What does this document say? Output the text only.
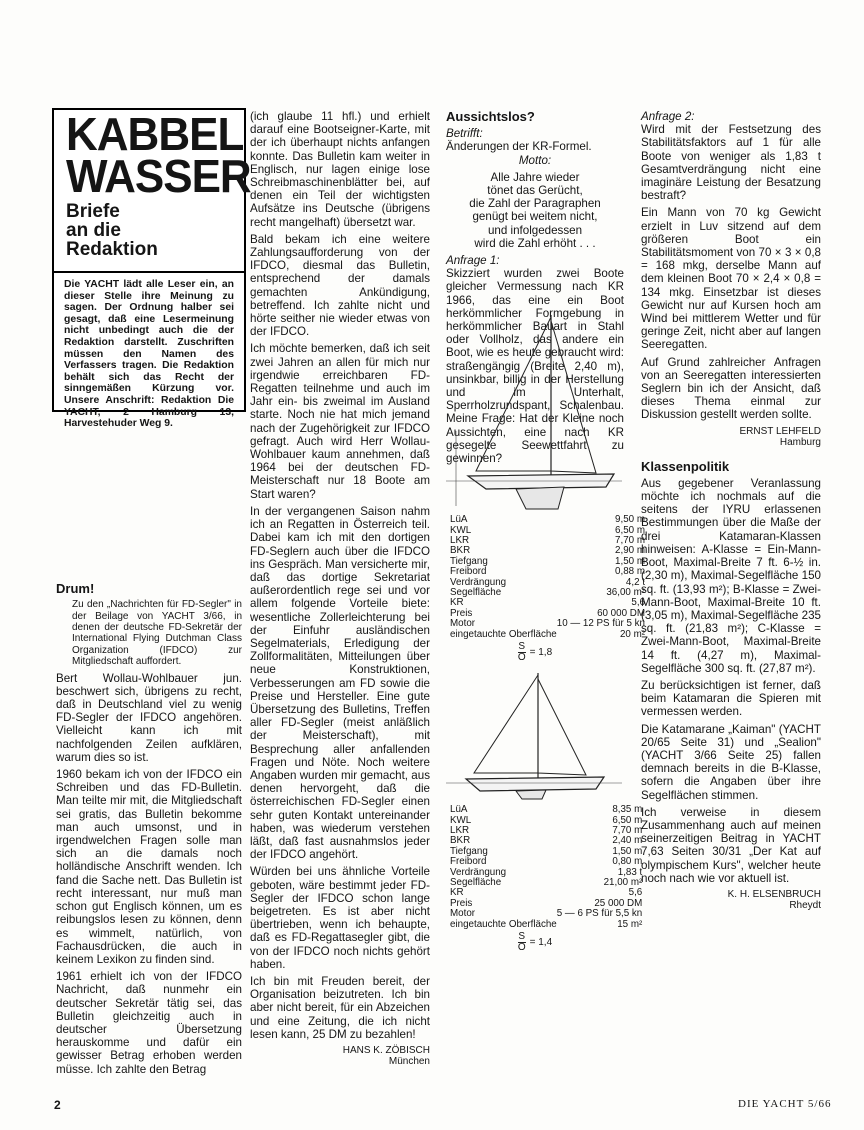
KABBEL
WASSER
Briefe
an die
Redaktion
Die YACHT lädt alle Leser ein, an dieser Stelle ihre Meinung zu sagen. Der Ordnung halber sei gesagt, daß eine Lesermeinung nicht unbedingt auch die der Redaktion darstellt. Zuschriften müssen den Namen des Verfassers tragen. Die Redaktion behält sich das Recht der sinngemäßen Kürzung vor. Unsere Anschrift: Redaktion Die YACHT, 2 Hamburg 13, Harvestehuder Weg 9.
Drum!

Zu den „Nachrichten für FD-Segler" in der Beilage von YACHT 3/66, in denen der deutsche FD-Sekretär der International Flying Dutchman Class Organization (IFDCO) zur Mitgliedschaft auffordert.

Bert Wollau-Wohlbauer jun. beschwert sich, übrigens zu recht, daß in Deutschland viel zu wenig FD-Segler der IFDCO angehören. Vielleicht kann ich mit nachfolgenden Zeilen aufklären, warum dies so ist.

1960 bekam ich von der IFDCO ein Schreiben und das FD-Bulletin. Man teilte mir mit, die Mitgliedschaft sei gratis, das Bulletin bekomme man auch umsonst, und in irgendwelchen Fragen solle man sich an die damals noch holländische Anschrift wenden. Ich fand die Sache nett. Das Bulletin ist recht interessant, nur muß man schon gut Englisch können, um es reibungslos lesen zu können, denn es wimmelt, natürlich, von Fachausdrücken, die auch in keinem Lexikon zu finden sind.

1961 erhielt ich von der IFDCO Nachricht, daß nunmehr ein deutscher Sekretär tätig sei, das Bulletin gleichzeitig auch in deutscher Übersetzung herauskomme und dafür ein gewisser Betrag erhoben werden müsse. Ich zahlte den Betrag

(ich glaube 11 hfl.) und erhielt darauf eine Bootseigner-Karte, mit der ich überhaupt nichts anfangen konnte. Das Bulletin kam weiter in Englisch, nur lagen einige lose Schreibmaschinenblätter bei, auf denen ein Teil der wichtigsten Aufsätze ins Deutsche (übrigens recht mangelhaft) übersetzt war.

Bald bekam ich eine weitere Zahlungsaufforderung von der IFDCO, diesmal das Bulletin, entsprechend der damals gemachten Ankündigung, betreffend. Ich zahlte nicht und hörte seither nie wieder etwas von der IFDCO.

Ich möchte bemerken, daß ich seit zwei Jahren an allen für mich nur irgendwie erreichbaren FD-Regatten teilnehme und auch im Jahr ein- bis zweimal im Ausland starte. Noch nie hat mich jemand nach der Zugehörigkeit zur IFDCO gefragt. Auch wird Herr Wollau-Wohlbauer kaum annehmen, daß 1964 bei der deutschen FD-Meisterschaft nur 18 Boote am Start waren?

In der vergangenen Saison nahm ich an Regatten in Österreich teil. Dabei kam ich mit den dortigen FD-Seglern auch über die IFDCO ins Gespräch. Man versicherte mir, daß das dortige Sekretariat außerordentlich rege sei und vor allem folgende Vorteile biete: wesentliche Zollerleichterung bei der Einfuhr ausländischen Segelmaterials, Erledigung der Zollformalitäten, Mitteilungen über neue Konstruktionen, Verbesserungen am FD sowie die Preise und Hersteller. Eine gute Übersetzung des Bulletins, Treffen aller FD-Segler (meist anläßlich der Meisterschaft), mit Besprechung aller anfallenden Fragen und Nöte. Noch weitere Angaben wurden mir gemacht, aus denen hervorgeht, daß die österreichischen FD-Segler einen sehr guten Kontakt untereinander haben, was wiederum verstehen läßt, daß fast ausnahmslos jeder der IFDCO angehört.

Würden bei uns ähnliche Vorteile geboten, wäre bestimmt jeder FD-Segler der IFDCO schon lange beigetreten. Es ist aber nicht übertrieben, wenn ich behaupte, daß es FD-Regattasegler gibt, die von der IFDCO noch nichts gehört haben.

Ich bin mit Freuden bereit, der Organisation beizutreten. Ich bin aber nicht bereit, für ein Abzeichen und eine Zeitung, die ich nicht lesen kann, 25 DM zu bezahlen!

HANS K. ZÖBISCH
München
Aussichtslos?
Betrifft:
Änderungen der KR-Formel.
Motto:
Alle Jahre wieder
tönet das Gerücht,
die Zahl der Paragraphen
genügt bei weitem nicht,
und infolgedessen
wird die Zahl erhöht . . .
Anfrage 1:

Skizziert wurden zwei Boote gleicher Vermessung nach KR 1966, das eine ein Boot herkömmlicher Formgebung in herkömmlicher Bauart in Stahl oder Vollholz, das andere ein Boot, wie es heute gebraucht wird: straßengängig (Breite 2,40 m), unsinkbar, billig in der Herstellung und im Unterhalt, Sperrholzrundspant, Schalenbau. Meine Frage: Hat der Kleine noch Aussichten, eine nach KR gesegelte Seewettfahrt zu gewinnen?

LüA	9,50 m
KWL	6,50 m
LKR	7,70 m
BKR	2,90 m
Tiefgang	1,50 m
Freibord	0,88 m
Verdrängung	4,2 t
Segelfläche	36,00 m²
KR	5,6
Preis	60 000 DM
Motor	10 — 12 PS für 5 kn
eingetauchte Oberfläche	20 m²
$\frac{S}{O} = 1,8$
LüA	8,35 m
KWL	6,50 m
LKR	7,70 m
BKR	2,40 m
Tiefgang	1,50 m
Freibord	0,80 m
Verdrängung	1,83 t
Segelfläche	21,00 m²
KR	5,6
Preis	25 000 DM
Motor	5 — 6 PS für 5,5 kn
eingetauchte Oberfläche	15 m²
$\frac{S}{O} = 1,4$
Anfrage 2:

Wird mit der Festsetzung des Stabilitätsfaktors auf 1 für alle Boote von weniger als 1,83 t Gesamtverdrängung nicht eine imaginäre Leistung der Besatzung bestraft?

Ein Mann von 70 kg Gewicht erzielt in Luv sitzend auf dem größeren Boot ein Stabilitätsmoment von 70 × 3 × 0,8 = 168 mkg, derselbe Mann auf dem kleinen Boot 70 × 2,4 × 0,8 = 134 mkg. Einsetzbar ist dieses Gewicht nur auf Kursen hoch am Wind bei mittlerem Wetter und für geringe Zeit, nicht aber auf langen Seeregatten.

Auf Grund zahlreicher Anfragen von an Seeregatten interessierten Seglern bin ich der Ansicht, daß dieses Thema einmal zur Diskussion gestellt werden sollte.

ERNST LEHFELD
Hamburg
Klassenpolitik

Aus gegebener Veranlassung möchte ich nochmals auf die seitens der IYRU erlassenen Bestimmungen über die Maße der drei Katamaran-Klassen hinweisen: A-Klasse = Ein-Mann-Boot, Maximal-Breite 7 ft. 6-½ in. (2,30 m), Maximal-Segelfläche 150 sq. ft. (13,93 m²); B-Klasse = Zwei-Mann-Boot, Maximal-Breite 10 ft. (3,05 m), Maximal-Segelfläche 235 sq. ft. (21,83 m²); C-Klasse = Zwei-Mann-Boot, Maximal-Breite 14 ft. (4,27 m), Maximal-Segelfläche 300 sq. ft. (27,87 m²).

Zu berücksichtigen ist ferner, daß beim Katamaran die Spieren mit vermessen werden.

Die Katamarane „Kaiman" (YACHT 20/65 Seite 31) und „Sealion" (YACHT 3/66 Seite 25) fallen demnach bereits in die B-Klasse, sofern die Angaben über ihre Segelflächen stimmen.

Ich verweise in diesem Zusammenhang auch auf meinen seinerzeitigen Beitrag in YACHT 7,63 Seiten 30/31 „Der Kat auf olympischem Kurs", welcher heute noch nach wie vor aktuell ist.

K. H. ELSENBRUCH
Rheydt
2	DIE YACHT 5/66
